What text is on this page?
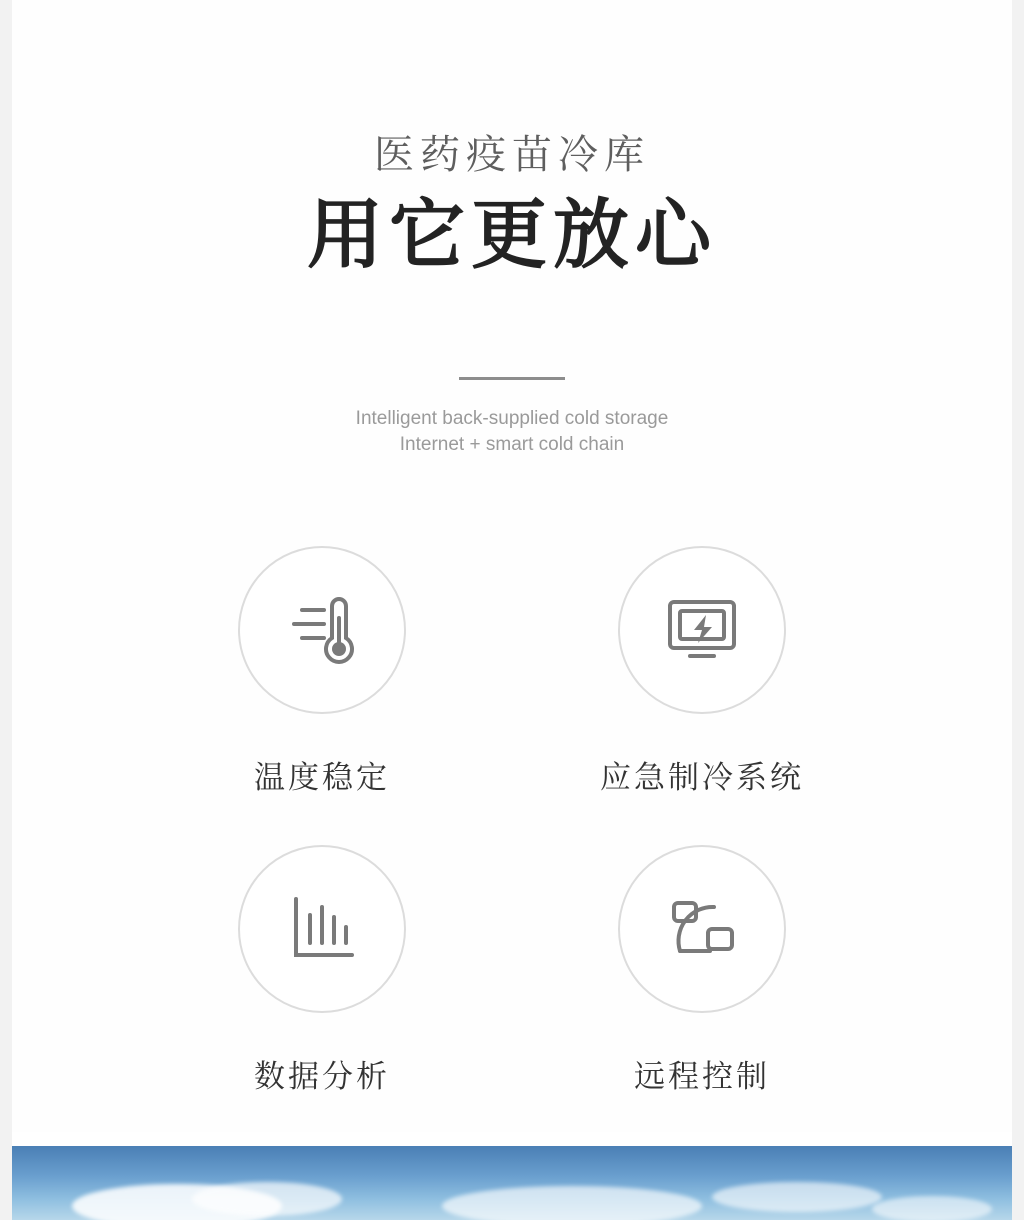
医药疫苗冷库
用它更放心
Intelligent back-supplied cold storage
Internet + smart cold chain
温度稳定	应急制冷系统
数据分析	远程控制
